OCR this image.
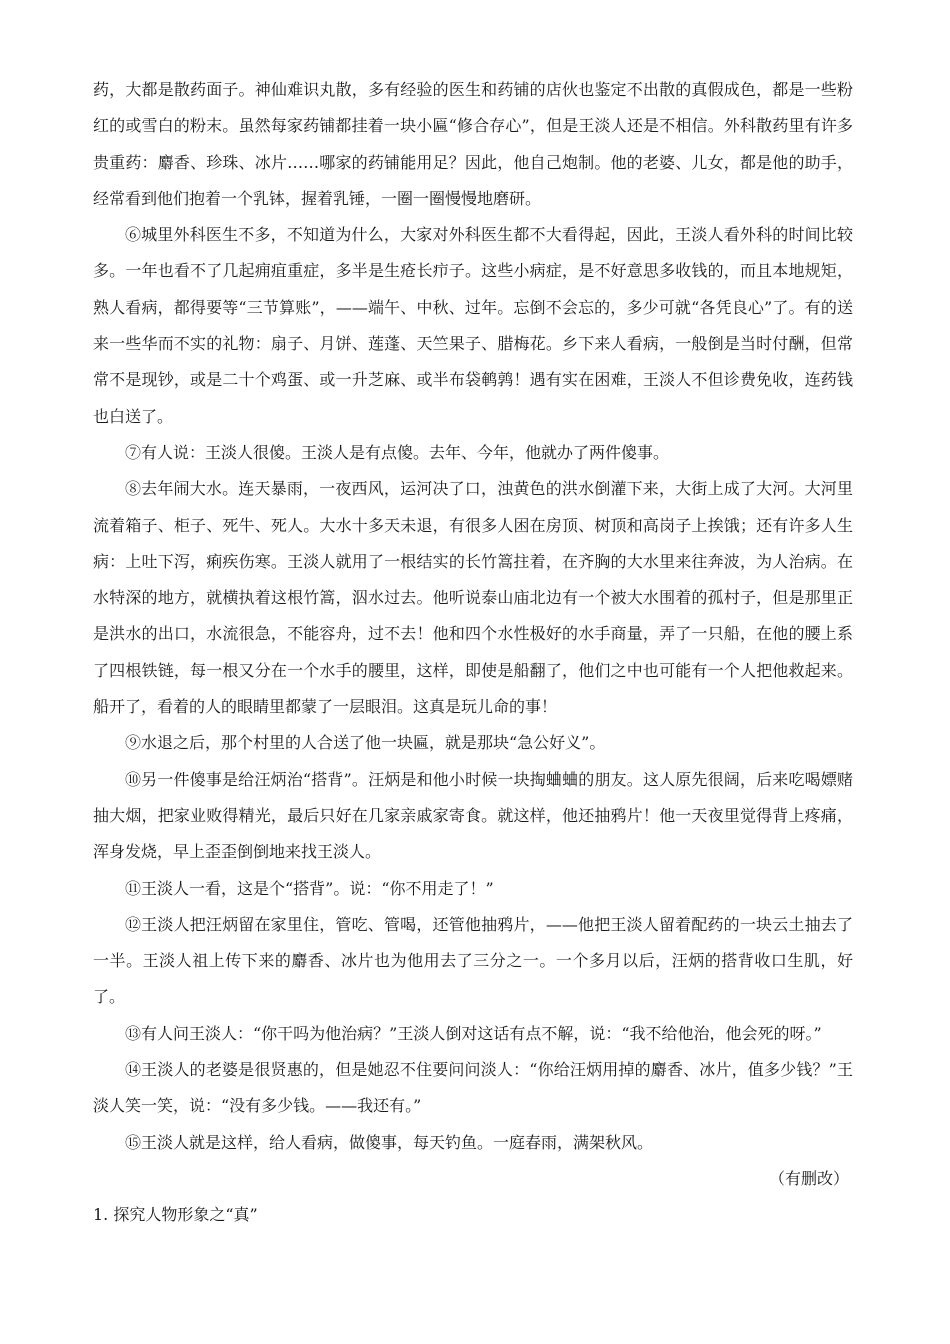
药，大都是散药面子。神仙难识丸散，多有经验的医生和药铺的店伙也鉴定不出散的真假成色，都是一些粉红的或雪白的粉末。虽然每家药铺都挂着一块小匾“修合存心”，但是王淡人还是不相信。外科散药里有许多贵重药：麝香、珍珠、冰片……哪家的药铺能用足？因此，他自己炮制。他的老婆、儿女，都是他的助手，经常看到他们抱着一个乳钵，握着乳锤，一圈一圈慢慢地磨研。

⑥城里外科医生不多，不知道为什么，大家对外科医生都不大看得起，因此，王淡人看外科的时间比较多。一年也看不了几起痈疽重症，多半是生疮长疖子。这些小病症，是不好意思多收钱的，而且本地规矩，熟人看病，都得要等“三节算账”，——端午、中秋、过年。忘倒不会忘的，多少可就“各凭良心”了。有的送来一些华而不实的礼物：扇子、月饼、莲蓬、天竺果子、腊梅花。乡下来人看病，一般倒是当时付酬，但常常不是现钞，或是二十个鸡蛋、或一升芝麻、或半布袋鹌鹑！遇有实在困难，王淡人不但诊费免收，连药钱也白送了。

⑦有人说：王淡人很傻。王淡人是有点傻。去年、今年，他就办了两件傻事。

⑧去年闹大水。连天暴雨，一夜西风，运河决了口，浊黄色的洪水倒灌下来，大街上成了大河。大河里流着箱子、柜子、死牛、死人。大水十多天未退，有很多人困在房顶、树顶和高岗子上挨饿；还有许多人生病：上吐下泻，痢疾伤寒。王淡人就用了一根结实的长竹篙拄着，在齐胸的大水里来往奔波，为人治病。在水特深的地方，就横执着这根竹篙，泅水过去。他听说泰山庙北边有一个被大水围着的孤村子，但是那里正是洪水的出口，水流很急，不能容舟，过不去！他和四个水性极好的水手商量，弄了一只船，在他的腰上系了四根铁链，每一根又分在一个水手的腰里，这样，即使是船翻了，他们之中也可能有一个人把他救起来。船开了，看着的人的眼睛里都蒙了一层眼泪。这真是玩儿命的事！

⑨水退之后，那个村里的人合送了他一块匾，就是那块“急公好义”。

⑩另一件傻事是给汪炳治“搭背”。汪炳是和他小时候一块掏蛐蛐的朋友。这人原先很阔，后来吃喝嫖赌抽大烟，把家业败得精光，最后只好在几家亲戚家寄食。就这样，他还抽鸦片！他一天夜里觉得背上疼痛，浑身发烧，早上歪歪倒倒地来找王淡人。

⑪王淡人一看，这是个“搭背”。说：“你不用走了！”

⑫王淡人把汪炳留在家里住，管吃、管喝，还管他抽鸦片，——他把王淡人留着配药的一块云土抽去了一半。王淡人祖上传下来的麝香、冰片也为他用去了三分之一。一个多月以后，汪炳的搭背收口生肌，好了。

⑬有人问王淡人：“你干吗为他治病？”王淡人倒对这话有点不解，说：“我不给他治，他会死的呀。”

⑭王淡人的老婆是很贤惠的，但是她忍不住要问问淡人：“你给汪炳用掉的麝香、冰片，值多少钱？”王淡人笑一笑，说：“没有多少钱。——我还有。”

⑮王淡人就是这样，给人看病，做傻事，每天钓鱼。一庭春雨，满架秋风。

（有删改）

1. 探究人物形象之“真”
